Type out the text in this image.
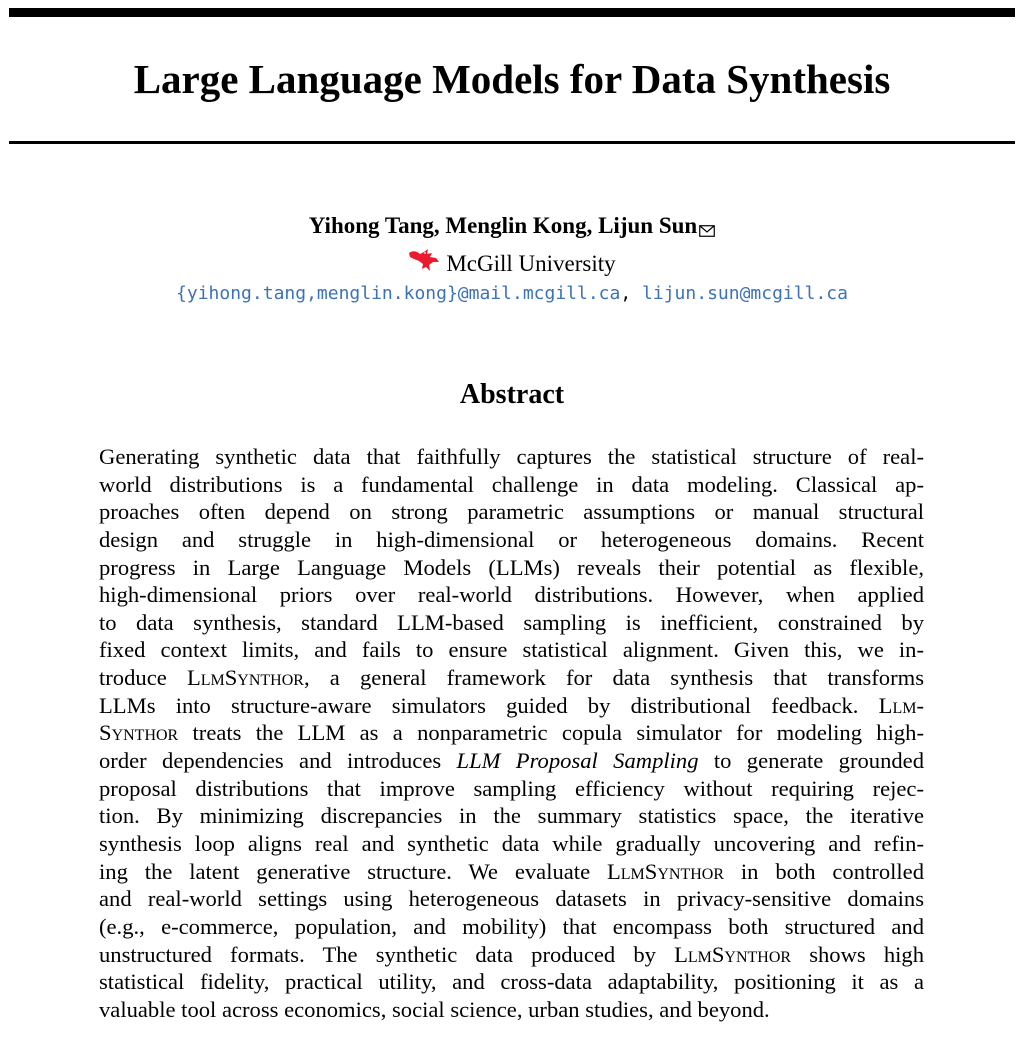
Large Language Models for Data Synthesis
Yihong Tang, Menglin Kong, Lijun Sun
McGill University
{yihong.tang,menglin.kong}@mail.mcgill.ca, lijun.sun@mcgill.ca
Abstract
Generating synthetic data that faithfully captures the statistical structure of real-
world distributions is a fundamental challenge in data modeling. Classical ap-
proaches often depend on strong parametric assumptions or manual structural
design and struggle in high-dimensional or heterogeneous domains. Recent
progress in Large Language Models (LLMs) reveals their potential as flexible,
high-dimensional priors over real-world distributions. However, when applied
to data synthesis, standard LLM-based sampling is inefficient, constrained by
fixed context limits, and fails to ensure statistical alignment. Given this, we in-
troduce LlmSynthor, a general framework for data synthesis that transforms
LLMs into structure-aware simulators guided by distributional feedback. Llm-
Synthor treats the LLM as a nonparametric copula simulator for modeling high-
order dependencies and introduces LLM Proposal Sampling to generate grounded
proposal distributions that improve sampling efficiency without requiring rejec-
tion. By minimizing discrepancies in the summary statistics space, the iterative
synthesis loop aligns real and synthetic data while gradually uncovering and refin-
ing the latent generative structure. We evaluate LlmSynthor in both controlled
and real-world settings using heterogeneous datasets in privacy-sensitive domains
(e.g., e-commerce, population, and mobility) that encompass both structured and
unstructured formats. The synthetic data produced by LlmSynthor shows high
statistical fidelity, practical utility, and cross-data adaptability, positioning it as a
valuable tool across economics, social science, urban studies, and beyond.
